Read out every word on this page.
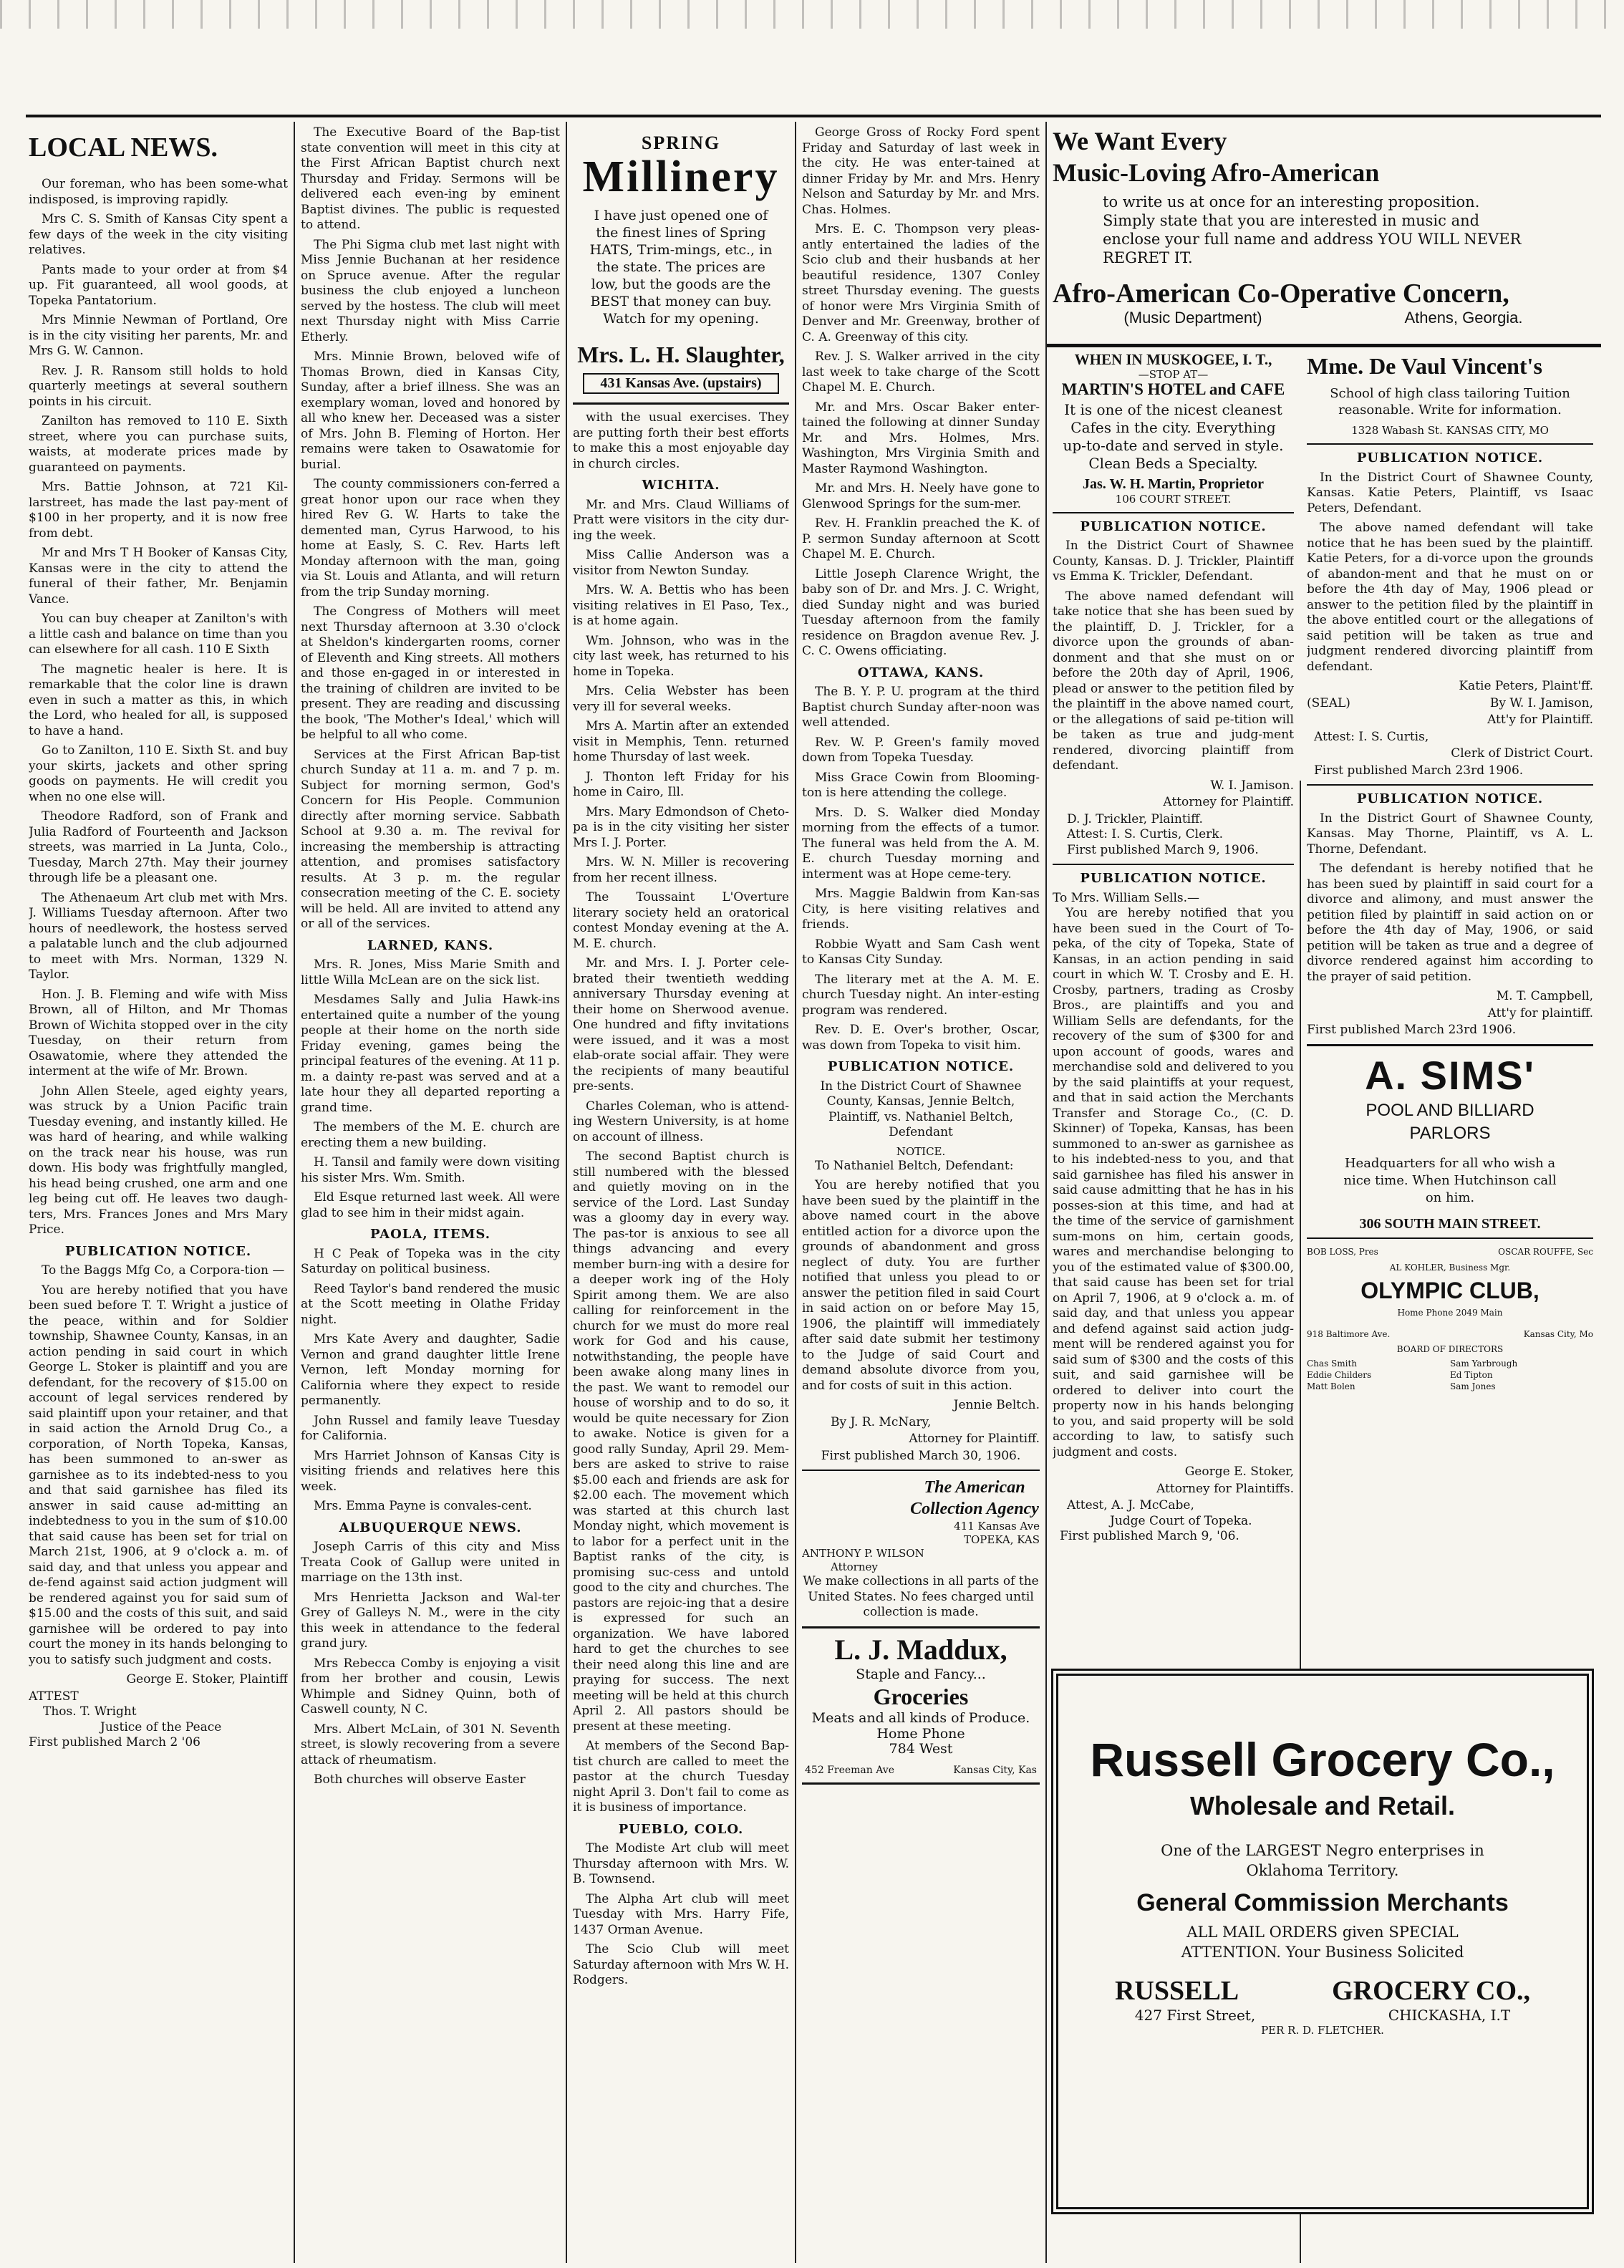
LOCAL NEWS.

Our foreman, who has been some-what indisposed, is improving rapidly.

Mrs C. S. Smith of Kansas City spent a few days of the week in the city visiting relatives.

Pants made to your order at from $4 up. Fit guaranteed, all wool goods, at Topeka Pantatorium.

Mrs Minnie Newman of Portland, Ore is in the city visiting her parents, Mr. and Mrs G. W. Cannon.

Rev. J. R. Ransom still holds to hold quarterly meetings at several southern points in his circuit.

Zanilton has removed to 110 E. Sixth street, where you can purchase suits, waists, at moderate prices made by guaranteed on payments.

Mrs. Battie Johnson, at 721 Kil-larstreet, has made the last pay-ment of $100 in her property, and it is now free from debt.

Mr and Mrs T H Booker of Kansas City, Kansas were in the city to attend the funeral of their father, Mr. Benjamin Vance.

You can buy cheaper at Zanilton's with a little cash and balance on time than you can elsewhere for all cash. 110 E Sixth

The magnetic healer is here. It is remarkable that the color line is drawn even in such a matter as this, in which the Lord, who healed for all, is supposed to have a hand.

Go to Zanilton, 110 E. Sixth St. and buy your skirts, jackets and other spring goods on payments. He will credit you when no one else will.

Theodore Radford, son of Frank and Julia Radford of Fourteenth and Jackson streets, was married in La Junta, Colo., Tuesday, March 27th. May their journey through life be a pleasant one.

The Athenaeum Art club met with Mrs. J. Williams Tuesday afternoon. After two hours of needlework, the hostess served a palatable lunch and the club adjourned to meet with Mrs. Norman, 1329 N. Taylor.

Hon. J. B. Fleming and wife with Miss Brown, all of Hilton, and Mr Thomas Brown of Wichita stopped over in the city Tuesday, on their return from Osawatomie, where they attended the interment at the wife of Mr. Brown.

John Allen Steele, aged eighty years, was struck by a Union Pacific train Tuesday evening, and instantly killed. He was hard of hearing, and while walking on the track near his house, was run down. His body was frightfully mangled, his head being crushed, one arm and one leg being cut off. He leaves two daugh-ters, Mrs. Frances Jones and Mrs Mary Price.

PUBLICATION NOTICE.

To the Baggs Mfg Co, a Corpora-tion —

You are hereby notified that you have been sued before T. T. Wright a justice of the peace, within and for Soldier township, Shawnee County, Kansas, in an action pending in said court in which George L. Stoker is plaintiff and you are defendant, for the recovery of $15.00 on account of legal services rendered by said plaintiff upon your retainer, and that in said action the Arnold Drug Co., a corporation, of North Topeka, Kansas, has been summoned to an-swer as garnishee as to its indebted-ness to you and that said garnishee has filed its answer in said cause ad-mitting an indebtedness to you in the sum of $10.00 that said cause has been set for trial on March 21st, 1906, at 9 o'clock a. m. of said day, and that unless you appear and de-fend against said action judgment will be rendered against you for said sum of $15.00 and the costs of this suit, and said garnishee will be ordered to pay into court the money in its hands belonging to you to satisfy such judgment and costs.

George E. Stoker, Plaintiff
ATTEST
Thos. T. Wright
Justice of the Peace
First published March 2 '06

The Executive Board of the Bap-tist state convention will meet in this city at the First African Baptist church next Thursday and Friday. Sermons will be delivered each even-ing by eminent Baptist divines. The public is requested to attend.

The Phi Sigma club met last night with Miss Jennie Buchanan at her residence on Spruce avenue. After the regular business the club enjoyed a luncheon served by the hostess. The club will meet next Thursday night with Miss Carrie Etherly.

Mrs. Minnie Brown, beloved wife of Thomas Brown, died in Kansas City, Sunday, after a brief illness. She was an exemplary woman, loved and honored by all who knew her. Deceased was a sister of Mrs. John B. Fleming of Horton. Her remains were taken to Osawatomie for burial.

The county commissioners con-ferred a great honor upon our race when they hired Rev G. W. Harts to take the demented man, Cyrus Harwood, to his home at Easly, S. C. Rev. Harts left Monday afternoon with the man, going via St. Louis and Atlanta, and will return from the trip Sunday morning.

The Congress of Mothers will meet next Thursday afternoon at 3.30 o'clock at Sheldon's kindergarten rooms, corner of Eleventh and King streets. All mothers and those en-gaged in or interested in the training of children are invited to be present. They are reading and discussing the book, 'The Mother's Ideal,' which will be helpful to all who come.

Services at the First African Bap-tist church Sunday at 11 a. m. and 7 p. m. Subject for morning sermon, God's Concern for His People. Communion directly after morning service. Sabbath School at 9.30 a. m. The revival for increasing the membership is attracting attention, and promises satisfactory results. At 3 p. m. the regular consecration meeting of the C. E. society will be held. All are invited to attend any or all of the services.

LARNED, KANS.

Mrs. R. Jones, Miss Marie Smith and little Willa McLean are on the sick list.

Mesdames Sally and Julia Hawk-ins entertained quite a number of the young people at their home on the north side Friday evening, games being the principal features of the evening. At 11 p. m. a dainty re-past was served and at a late hour they all departed reporting a grand time.

The members of the M. E. church are erecting them a new building.

H. Tansil and family were down visiting his sister Mrs. Wm. Smith.

Eld Esque returned last week. All were glad to see him in their midst again.

PAOLA, ITEMS.

H C Peak of Topeka was in the city Saturday on political business.

Reed Taylor's band rendered the music at the Scott meeting in Olathe Friday night.

Mrs Kate Avery and daughter, Sadie Vernon and grand daughter little Irene Vernon, left Monday morning for California where they expect to reside permanently.

John Russel and family leave Tuesday for California.

Mrs Harriet Johnson of Kansas City is visiting friends and relatives here this week.

Mrs. Emma Payne is convales-cent.

ALBUQUERQUE NEWS.

Joseph Carris of this city and Miss Treata Cook of Gallup were united in marriage on the 13th inst.

Mrs Henrietta Jackson and Wal-ter Grey of Galleys N. M., were in the city this week in attendance to the federal grand jury.

Mrs Rebecca Comby is enjoying a visit from her brother and cousin, Lewis Whimple and Sidney Quinn, both of Caswell county, N C.

Mrs. Albert McLain, of 301 N. Seventh street, is slowly recovering from a severe attack of rheumatism.

Both churches will observe Easter

SPRING
Millinery
I have just opened one of the finest lines of Spring HATS, Trim-mings, etc., in the state. The prices are low, but the goods are the BEST that money can buy. Watch for my opening.
Mrs. L. H. Slaughter,
431 Kansas Ave. (upstairs)

with the usual exercises. They are putting forth their best efforts to make this a most enjoyable day in church circles.

WICHITA.

Mr. and Mrs. Claud Williams of Pratt were visitors in the city dur-ing the week.

Miss Callie Anderson was a visitor from Newton Sunday.

Mrs. W. A. Bettis who has been visiting relatives in El Paso, Tex., is at home again.

Wm. Johnson, who was in the city last week, has returned to his home in Topeka.

Mrs. Celia Webster has been very ill for several weeks.

Mrs A. Martin after an extended visit in Memphis, Tenn. returned home Thursday of last week.

J. Thonton left Friday for his home in Cairo, Ill.

Mrs. Mary Edmondson of Cheto-pa is in the city visiting her sister Mrs I. J. Porter.

Mrs. W. N. Miller is recovering from her recent illness.

The Toussaint L'Overture literary society held an oratorical contest Monday evening at the A. M. E. church.

Mr. and Mrs. I. J. Porter cele-brated their twentieth wedding anniversary Thursday evening at their home on Sherwood avenue. One hundred and fifty invitations were issued, and it was a most elab-orate social affair. They were the recipients of many beautiful pre-sents.

Charles Coleman, who is attend-ing Western University, is at home on account of illness.

The second Baptist church is still numbered with the blessed and quietly moving on in the service of the Lord. Last Sunday was a gloomy day in every way. The pas-tor is anxious to see all things advancing and every member burn-ing with a desire for a deeper work ing of the Holy Spirit among them. We are also calling for reinforcement in the church for we must do more real work for God and his cause, notwithstanding, the people have been awake along many lines in the past. We want to remodel our house of worship and to do so, it would be quite necessary for Zion to awake. Notice is given for a good rally Sunday, April 29. Mem-bers are asked to strive to raise $5.00 each and friends are ask for $2.00 each. The movement which was started at this church last Monday night, which movement is to labor for a perfect unit in the Baptist ranks of the city, is promising suc-cess and untold good to the city and churches. The pastors are rejoic-ing that a desire is expressed for such an organization. We have labored hard to get the churches to see their need along this line and are praying for success. The next meeting will be held at this church April 2. All pastors should be present at these meeting.

At members of the Second Bap-tist church are called to meet the pastor at the church Tuesday night April 3. Don't fail to come as it is business of importance.

PUEBLO, COLO.

The Modiste Art club will meet Thursday afternoon with Mrs. W. B. Townsend.

The Alpha Art club will meet Tuesday with Mrs. Harry Fife, 1437 Orman Avenue.

The Scio Club will meet Saturday afternoon with Mrs W. H. Rodgers.

George Gross of Rocky Ford spent Friday and Saturday of last week in the city. He was enter-tained at dinner Friday by Mr. and Mrs. Henry Nelson and Saturday by Mr. and Mrs. Chas. Holmes.

Mrs. E. C. Thompson very pleas-antly entertained the ladies of the Scio club and their husbands at her beautiful residence, 1307 Conley street Thursday evening. The guests of honor were Mrs Virginia Smith of Denver and Mr. Greenway, brother of C. A. Greenway of this city.

Rev. J. S. Walker arrived in the city last week to take charge of the Scott Chapel M. E. Church.

Mr. and Mrs. Oscar Baker enter-tained the following at dinner Sunday Mr. and Mrs. Holmes, Mrs. Washington, Mrs Virginia Smith and Master Raymond Washington.

Mr. and Mrs. H. Neely have gone to Glenwood Springs for the sum-mer.

Rev. H. Franklin preached the K. of P. sermon Sunday afternoon at Scott Chapel M. E. Church.

Little Joseph Clarence Wright, the baby son of Dr. and Mrs. J. C. Wright, died Sunday night and was buried Tuesday afternoon from the family residence on Bragdon avenue Rev. J. C. C. Owens officiating.

OTTAWA, KANS.

The B. Y. P. U. program at the third Baptist church Sunday after-noon was well attended.

Rev. W. P. Green's family moved down from Topeka Tuesday.

Miss Grace Cowin from Blooming-ton is here attending the college.

Mrs. D. S. Walker died Monday morning from the effects of a tumor. The funeral was held from the A. M. E. church Tuesday morning and interment was at Hope ceme-tery.

Mrs. Maggie Baldwin from Kan-sas City, is here visiting relatives and friends.

Robbie Wyatt and Sam Cash went to Kansas City Sunday.

The literary met at the A. M. E. church Tuesday night. An inter-esting program was rendered.

Rev. D. E. Over's brother, Oscar, was down from Topeka to visit him.

PUBLICATION NOTICE.

In the District Court of Shawnee County, Kansas, Jennie Beltch, Plaintiff, vs. Nathaniel Beltch, Defendant

NOTICE.

To Nathaniel Beltch, Defendant:

You are hereby notified that you have been sued by the plaintiff in the above named court in the above entitled action for a divorce upon the grounds of abandonment and gross neglect of duty. You are further notified that unless you plead to or answer the petition filed in said Court in said action on or before May 15, 1906, the plaintiff will immediately after said date submit her testimony to the Judge of said Court and demand absolute divorce from you, and for costs of suit in this action.

Jennie Beltch.
By J. R. McNary,
Attorney for Plaintiff.
First published March 30, 1906.
The American Collection Agency
411 Kansas Ave
TOPEKA, KAS
ANTHONY P. WILSON
Attorney

We make collections in all parts of the United States. No fees charged until collection is made.

L. J. Maddux,
Staple and Fancy...
Groceries
Meats and all kinds of Produce. Home Phone
784 West
452 Freeman Ave	Kansas City, Kas
We Want Every
Music-Loving Afro-American
to write us at once for an interesting proposition. Simply state that you are interested in music and enclose your full name and address YOU WILL NEVER REGRET IT.
Afro-American Co-Operative Concern,
(Music Department)	Athens, Georgia.
WHEN IN MUSKOGEE, I. T.,
—STOP AT—
MARTIN'S HOTEL and CAFE
It is one of the nicest cleanest Cafes in the city. Everything up-to-date and served in style. Clean Beds a Specialty.
Jas. W. H. Martin, Proprietor
106 COURT STREET.
PUBLICATION NOTICE.

In the District Court of Shawnee County, Kansas. D. J. Trickler, Plaintiff vs Emma K. Trickler, Defendant.

The above named defendant will take notice that she has been sued by the plaintiff, D. J. Trickler, for a divorce upon the grounds of aban-donment and that she must on or before the 20th day of April, 1906, plead or answer to the petition filed by the plaintiff in the above named court, or the allegations of said pe-tition will be taken as true and judg-ment rendered, divorcing plaintiff from defendant.

W. I. Jamison.
Attorney for Plaintiff.
D. J. Trickler, Plaintiff.
Attest: I. S. Curtis, Clerk.
First published March 9, 1906.
PUBLICATION NOTICE.
To Mrs. William Sells.—

You are hereby notified that you have been sued in the Court of To-peka, of the city of Topeka, State of Kansas, in an action pending in said court in which W. T. Crosby and E. H. Crosby, partners, trading as Crosby Bros., are plaintiffs and you and William Sells are defendants, for the recovery of the sum of $300 for and upon account of goods, wares and merchandise sold and delivered to you by the said plaintiffs at your request, and that in said action the Merchants Transfer and Storage Co., (C. D. Skinner) of Topeka, Kansas, has been summoned to an-swer as garnishee as to his indebted-ness to you, and that said garnishee has filed his answer in said cause admitting that he has in his posses-sion at this time, and had at the time of the service of garnishment sum-mons on him, certain goods, wares and merchandise belonging to you of the estimated value of $300.00, that said cause has been set for trial on April 7, 1906, at 9 o'clock a. m. of said day, and that unless you appear and defend against said action judg-ment will be rendered against you for said sum of $300 and the costs of this suit, and said garnishee will be ordered to deliver into court the property now in his hands belonging to you, and said property will be sold according to law, to satisfy such judgment and costs.

George E. Stoker,
Attorney for Plaintiffs.
Attest, A. J. McCabe,
Judge Court of Topeka.
First published March 9, '06.
Mme. De Vaul Vincent's
School of high class tailoring Tuition reasonable. Write for information.
1328 Wabash St. KANSAS CITY, MO
PUBLICATION NOTICE.

In the District Court of Shawnee County, Kansas. Katie Peters, Plaintiff, vs Isaac Peters, Defendant.

The above named defendant will take notice that he has been sued by the plaintiff. Katie Peters, for a di-vorce upon the grounds of abandon-ment and that he must on or before the 4th day of May, 1906 plead or answer to the petition filed by the plaintiff in the above entitled court or the allegations of said petition will be taken as true and judgment rendered divorcing plaintiff from defendant.

Katie Peters, Plaint'ff.
(SEAL)	By W. I. Jamison,
Att'y for Plaintiff.
Attest: I. S. Curtis,
Clerk of District Court.
First published March 23rd 1906.
PUBLICATION NOTICE.

In the District Gourt of Shawnee County, Kansas. May Thorne, Plaintiff, vs A. L. Thorne, Defendant.

The defendant is hereby notified that he has been sued by plaintiff in said court for a divorce and alimony, and must answer the petition filed by plaintiff in said action on or before the 4th day of May, 1906, or said petition will be taken as true and a degree of divorce rendered against him according to the prayer of said petition.

M. T. Campbell,
Att'y for plaintiff.
First published March 23rd 1906.
A. SIMS'
POOL AND BILLIARD
PARLORS
Headquarters for all who wish a nice time. When Hutchinson call on him.
306 SOUTH MAIN STREET.
BOB LOSS, Pres	OSCAR ROUFFE, Sec
AL KOHLER, Business Mgr.
OLYMPIC CLUB,
Home Phone 2049 Main
918 Baltimore Ave.	Kansas City, Mo
BOARD OF DIRECTORS
Chas Smith	Sam Yarbrough
Eddie Childers	Ed Tipton
Matt Bolen	Sam Jones
Russell Grocery Co.,
Wholesale and Retail.
One of the LARGEST Negro enterprises in Oklahoma Territory.
General Commission Merchants
ALL MAIL ORDERS given SPECIAL ATTENTION. Your Business Solicited
RUSSELL	GROCERY CO.,
427 First Street,	CHICKASHA, I.T
PER R. D. FLETCHER.
